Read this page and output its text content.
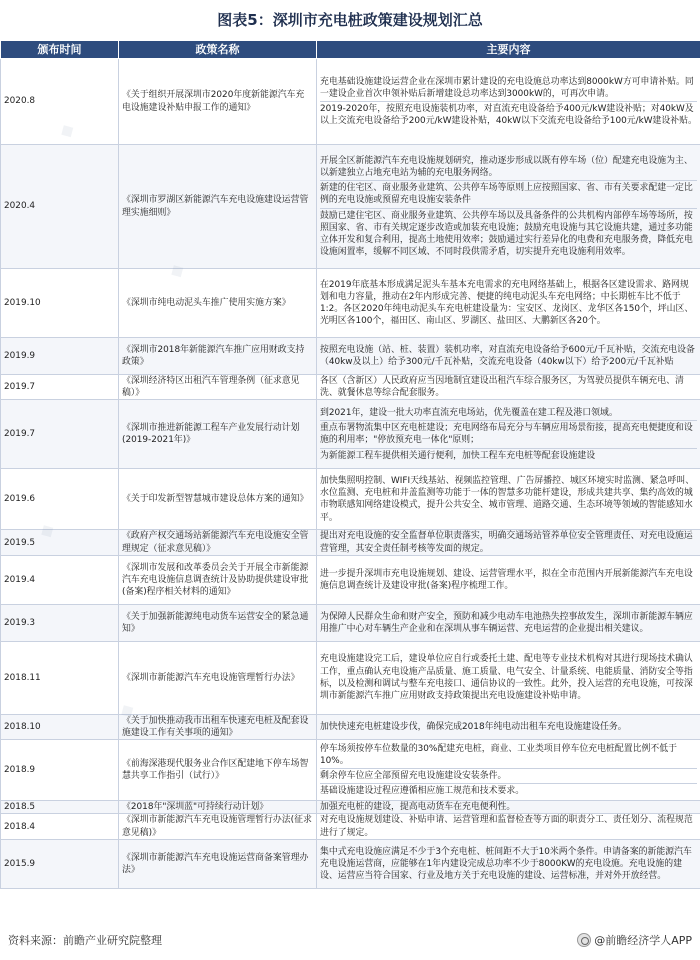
图表5：深圳市充电桩政策建设规划汇总
颁布时间	政策名称	主要内容
2020.8	《关于组织开展深圳市2020年度新能源汽车充电设施建设补贴申报工作的通知》	充电基础设施建设运营企业在深圳市累计建设的充电设施总功率达到8000kW方可申请补贴。同一建设企业首次申领补贴后新增建设总功率达到3000kW的，可再次申请。
2019-2020年，按照充电设施装机功率，对直流充电设备给予400元/kW建设补贴；对40kW及以上交流充电设备给予200元/kW建设补贴，40kW以下交流充电设备给予100元/kW建设补贴。

2020.4	《深圳市罗湖区新能源汽车充电设施建设运营管理实施细则》	开展全区新能源汽车充电设施规划研究，推动逐步形成以既有停车场（位）配建充电设施为主、以新建独立占地充电站为辅的充电服务网络。
新建的住宅区、商业服务业建筑、公共停车场等原则上应按照国家、省、市有关要求配建一定比例的充电设施或预留充电设施安装条件
鼓励已建住宅区、商业服务业建筑、公共停车场以及具备条件的公共机构内部停车场等场所，按照国家、省、市有关规定逐步改造或加装充电设施；鼓励充电设施与其它设施共建，通过多功能立体开发和复合利用，提高土地使用效率；鼓励通过实行差异化的电费和充电服务费，降低充电设施闲置率，缓解不同区域、不同时段供需矛盾，切实提升充电设施利用效率。

2019.10	《深圳市纯电动泥头车推广使用实施方案》	在2019年底基本形成满足泥头车基本充电需求的充电网络基础上，根据各区建设需求、路网规划和电力容量，推动在2年内形成完善、便捷的纯电动泥头车充电网络；中长期桩车比不低于1:2。各区2020年纯电动泥头车充电桩建设量为：宝安区、龙岗区、龙华区各150个，坪山区、光明区各100个，福田区、南山区、罗湖区、盐田区、大鹏新区各20个。

2019.9	《深圳市2018年新能源汽车推广应用财政支持政策》	按照充电设施（站、桩、装置）装机功率，对直流充电设备给予600元/千瓦补贴，交流充电设备（40kw及以上）给予300元/千瓦补贴，交流充电设备（40kw以下）给予200元/千瓦补贴

2019.7	《深圳经济特区出租汽车管理条例（征求意见稿）》	各区（含新区）人民政府应当因地制宜建设出租汽车综合服务区，为驾驶员提供车辆充电、清洗、就餐休息等综合配套服务。

2019.7	《深圳市推进新能源工程车产业发展行动计划(2019-2021年)》	到2021年，建设一批大功率直流充电场站，优先覆盖在建工程及港口领域。
重点布署物流集中区充电桩建设；充电网络布局充分与车辆应用场景衔接，提高充电便捷度和设施的利用率；"停放预充电一体化"原则；
为新能源工程车提供相关通行便利，加快工程车充电桩等配套设施建设

2019.6	《关于印发新型智慧城市建设总体方案的通知》	加快集照明控制、WIFI天线基站、视频监控管理、广告屏播控、城区环境实时监测、紧急呼叫、水位监测、充电桩和井盖监测等功能于一体的智慧多功能杆建设，形成共建共享、集约高效的城市物联感知网络建设模式，提升公共安全、城市管理、道路交通、生态环境等领域的智能感知水平。

2019.5	《政府产权交通场站新能源汽车充电设施安全管理规定（征求意见稿）》	提出对充电设施的安全监督单位职责落实，明确交通场站管养单位安全管理责任、对充电设施运营管理，其安全责任制考核等发面的规定。

2019.4	《深圳市发展和改革委员会关于开展全市新能源汽车充电设施信息调查统计及协助提供建设审批(备案)程序相关材料的通知》	进一步提升深圳市充电设施规划、建设、运营管理水平，拟在全市范围内开展新能源汽车充电设施信息调查统计及建设审批(备案)程序梳理工作。

2019.3	《关于加强新能源纯电动货车运营安全的紧急通知》	为保障人民群众生命和财产安全，预防和减少电动车电池热失控事故发生，深圳市新能源车辆应用推广中心对车辆生产企业和在深圳从事车辆运营、充电运营的企业提出相关建议。

2018.11	《深圳市新能源汽车充电设施管理暂行办法》	充电设施建设完工后，建设单位应自行或委托土建、配电等专业技术机构对其进行现场技术确认工作，重点确认充电设施产品质量、施工质量、电气安全、计量系统、电能质量、消防安全等指标，以及检测和调试与整车充电接口、通信协议的一致性。此外，投入运营的充电设施，可按深圳市新能源汽车推广应用财政支持政策提出充电设施建设补贴申请。

2018.10	《关于加快推动我市出租车快速充电桩及配套设施建设工作有关事项的通知》	加快快速充电桩建设步伐，确保完成2018年纯电动出租车充电设施建设任务。

2018.9	《前海深港现代服务业合作区配建地下停车场智慧共享工作指引（试行）》	停车场须按停车位数量的30%配建充电桩，商业、工业类项目停车位充电桩配置比例不低于10%。
剩余停车位应全部预留充电设施建设安装条件。
基础设施建设过程应遵循相应施工规范和技术要求。

2018.5	《2018年"深圳蓝"可持续行动计划》	加强充电桩的建设，提高电动货车在充电便利性。

2018.4	《深圳市新能源汽车充电设施管理暂行办法(征求意见稿)》	对充电设施规划建设、补贴申请、运营管理和监督检查等方面的职责分工、责任划分、流程规范进行了规定。

2015.9	《深圳市新能源汽车充电设施运营商备案管理办法》	集中式充电设施应满足不少于3个充电桩、桩间距不大于10米两个条件。申请备案的新能源汽车充电设施运营商，应能够在1年内建设完成总功率不少于8000KW的充电设施。充电设施的建设、运营应当符合国家、行业及地方关于充电设施的建设、运营标准，并对外开放经营。
资料来源：前瞻产业研究院整理	@前瞻经济学人APP
